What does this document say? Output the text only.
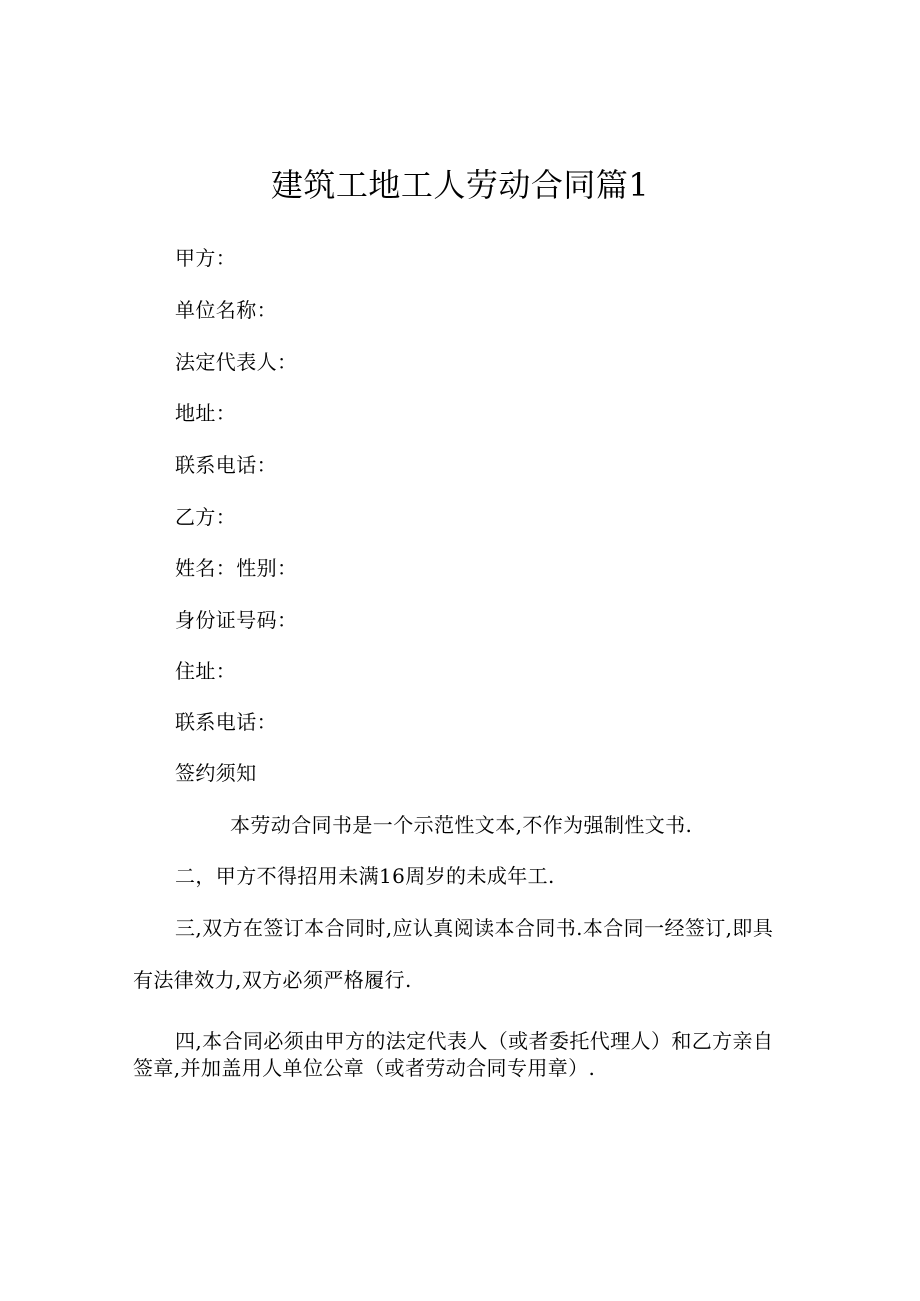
建筑工地工人劳动合同篇1
甲方：
单位名称：
法定代表人：
地址：
联系电话：
乙方：
姓名：性别：
身份证号码：
住址：
联系电话：
签约须知
本劳动合同书是一个示范性文本,不作为强制性文书.
二，甲方不得招用未满16周岁的未成年工.
三,双方在签订本合同时,应认真阅读本合同书.本合同一经签订,即具
有法律效力,双方必须严格履行.
四,本合同必须由甲方的法定代表人（或者委托代理人）和乙方亲自
签章,并加盖用人单位公章（或者劳动合同专用章）.
